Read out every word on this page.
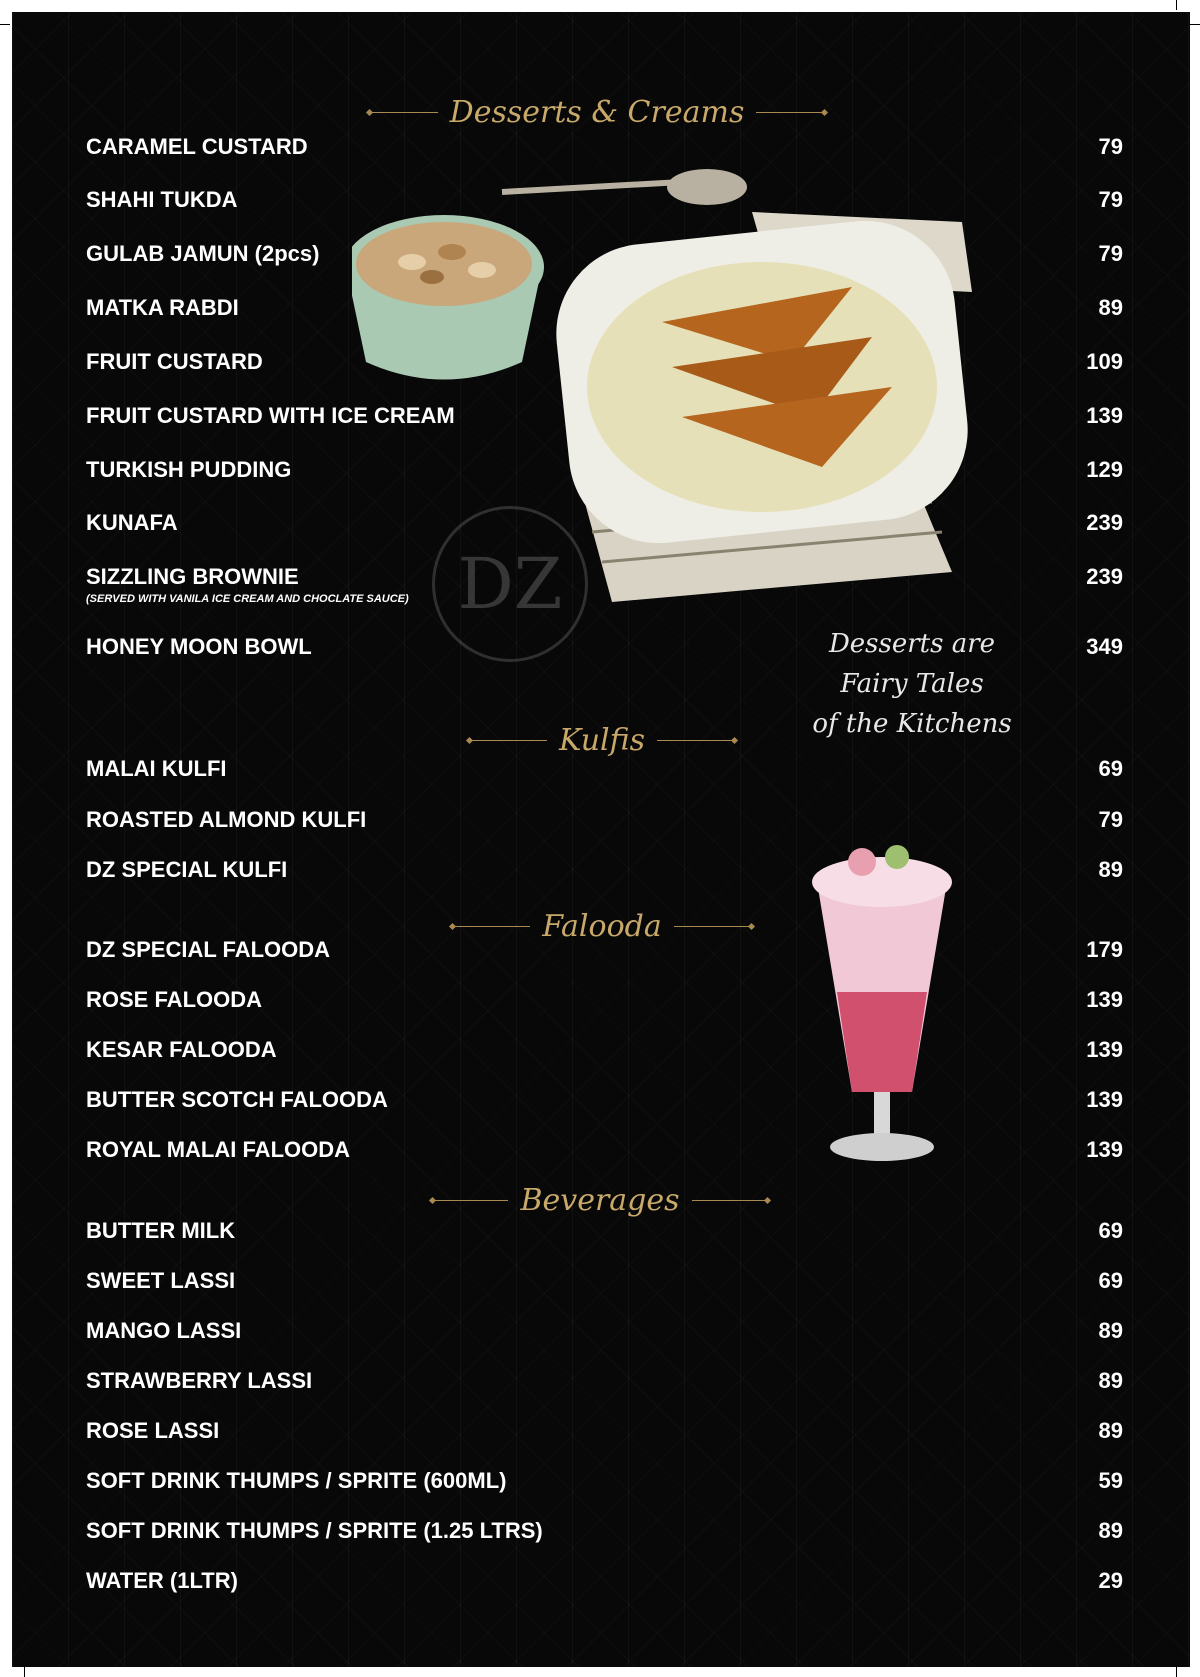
Desserts & Creams
Kulfis
Falooda
Beverages
DZ
Desserts are
Fairy Tales
of the Kitchens
CARAMEL CUSTARD	79
SHAHI TUKDA	79
GULAB JAMUN (2pcs)	79
MATKA RABDI	89
FRUIT CUSTARD	109
FRUIT CUSTARD WITH ICE CREAM	139
TURKISH PUDDING	129
KUNAFA	239
SIZZLING BROWNIE	239
(SERVED WITH VANILA ICE CREAM AND CHOCLATE SAUCE)
HONEY MOON BOWL	349
MALAI KULFI	69
ROASTED ALMOND KULFI	79
DZ SPECIAL KULFI	89
DZ SPECIAL FALOODA	179
ROSE FALOODA	139
KESAR FALOODA	139
BUTTER SCOTCH FALOODA	139
ROYAL MALAI FALOODA	139
BUTTER MILK	69
SWEET LASSI	69
MANGO LASSI	89
STRAWBERRY LASSI	89
ROSE LASSI	89
SOFT DRINK THUMPS / SPRITE (600ML)	59
SOFT DRINK THUMPS / SPRITE (1.25 LTRS)	89
WATER (1LTR)	29
